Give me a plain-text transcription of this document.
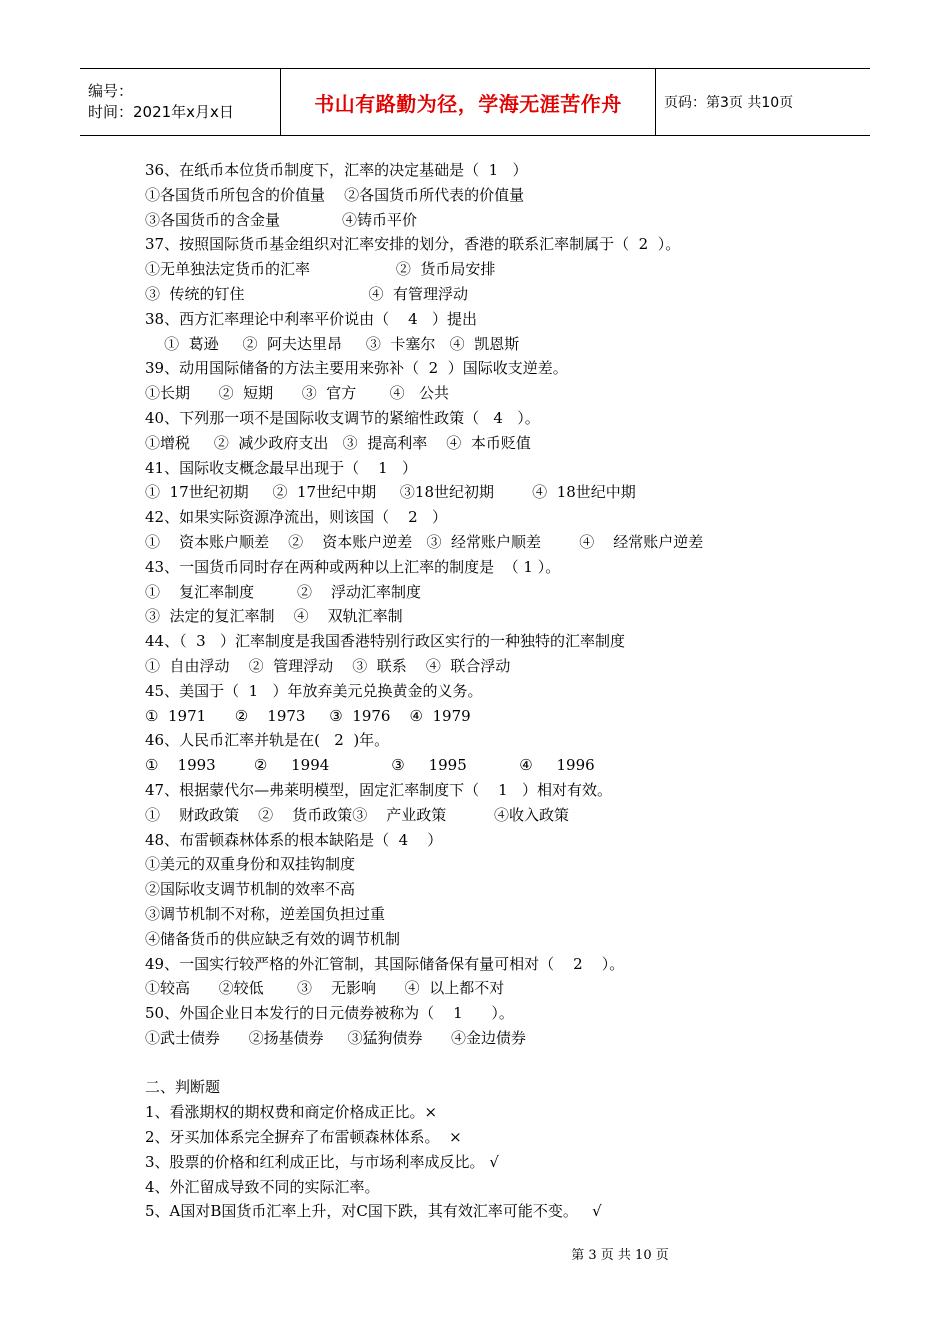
编号：
时间：2021年x月x日	书山有路勤为径，学海无涯苦作舟	页码：第3页 共10页
36、在纸币本位货币制度下，汇率的决定基础是（  1   ）
①各国货币所包含的价值量    ②各国货币所代表的价值量
③各国货币的含金量             ④铸币平价
37、按照国际货币基金组织对汇率安排的划分，香港的联系汇率制属于（  2  ）。
①无单独法定货币的汇率                  ②  货币局安排
③  传统的钉住                          ④  有管理浮动
38、西方汇率理论中利率平价说由（    4   ）提出
①  葛逊     ②  阿夫达里昂     ③  卡塞尔   ④  凯恩斯
39、动用国际储备的方法主要用来弥补（  2  ）国际收支逆差。
①长期      ②  短期      ③  官方       ④   公共
40、下列那一项不是国际收支调节的紧缩性政策（   4   ）。
①增税     ②  减少政府支出   ③  提高利率    ④  本币贬值
41、国际收支概念最早出现于（    1   ）
①  17世纪初期     ②  17世纪中期     ③18世纪初期        ④  18世纪中期
42、如果实际资源净流出，则该国（    2   ）
①    资本账户顺差    ②    资本账户逆差   ③  经常账户顺差        ④    经常账户逆差
43、一国货币同时存在两种或两种以上汇率的制度是  （ 1 ）。
①    复汇率制度         ②    浮动汇率制度
③  法定的复汇率制    ④    双轨汇率制
44、（  3   ）汇率制度是我国香港特别行政区实行的一种独特的汇率制度
①  自由浮动    ②  管理浮动    ③  联系    ④  联合浮动
45、美国于（  1   ）年放弃美元兑换黄金的义务。
①  1971      ②    1973     ③  1976    ④  1979
46、人民币汇率并轨是在(   2  )年。
①    1993        ②     1994             ③     1995           ④     1996
47、根据蒙代尔—弗莱明模型，固定汇率制度下（    1   ）相对有效。
①    财政政策    ②    货币政策③    产业政策          ④收入政策
48、布雷顿森林体系的根本缺陷是（  4    ）
①美元的双重身份和双挂钩制度
②国际收支调节机制的效率不高
③调节机制不对称，逆差国负担过重
④储备货币的供应缺乏有效的调节机制
49、一国实行较严格的外汇管制，其国际储备保有量可相对（    2    ）。
①较高      ②较低       ③    无影响      ④  以上都不对
50、外国企业日本发行的日元债券被称为（    1      ）。
①武士债券      ②扬基债券     ③猛狗债券      ④金边债券
二、判断题
1、看涨期权的期权费和商定价格成正比。×
2、牙买加体系完全摒弃了布雷顿森林体系。  ×
3、股票的价格和红利成正比，与市场利率成反比。 √
4、外汇留成导致不同的实际汇率。
5、A国对B国货币汇率上升，对C国下跌，其有效汇率可能不变。   √
第 3 页 共 10 页
